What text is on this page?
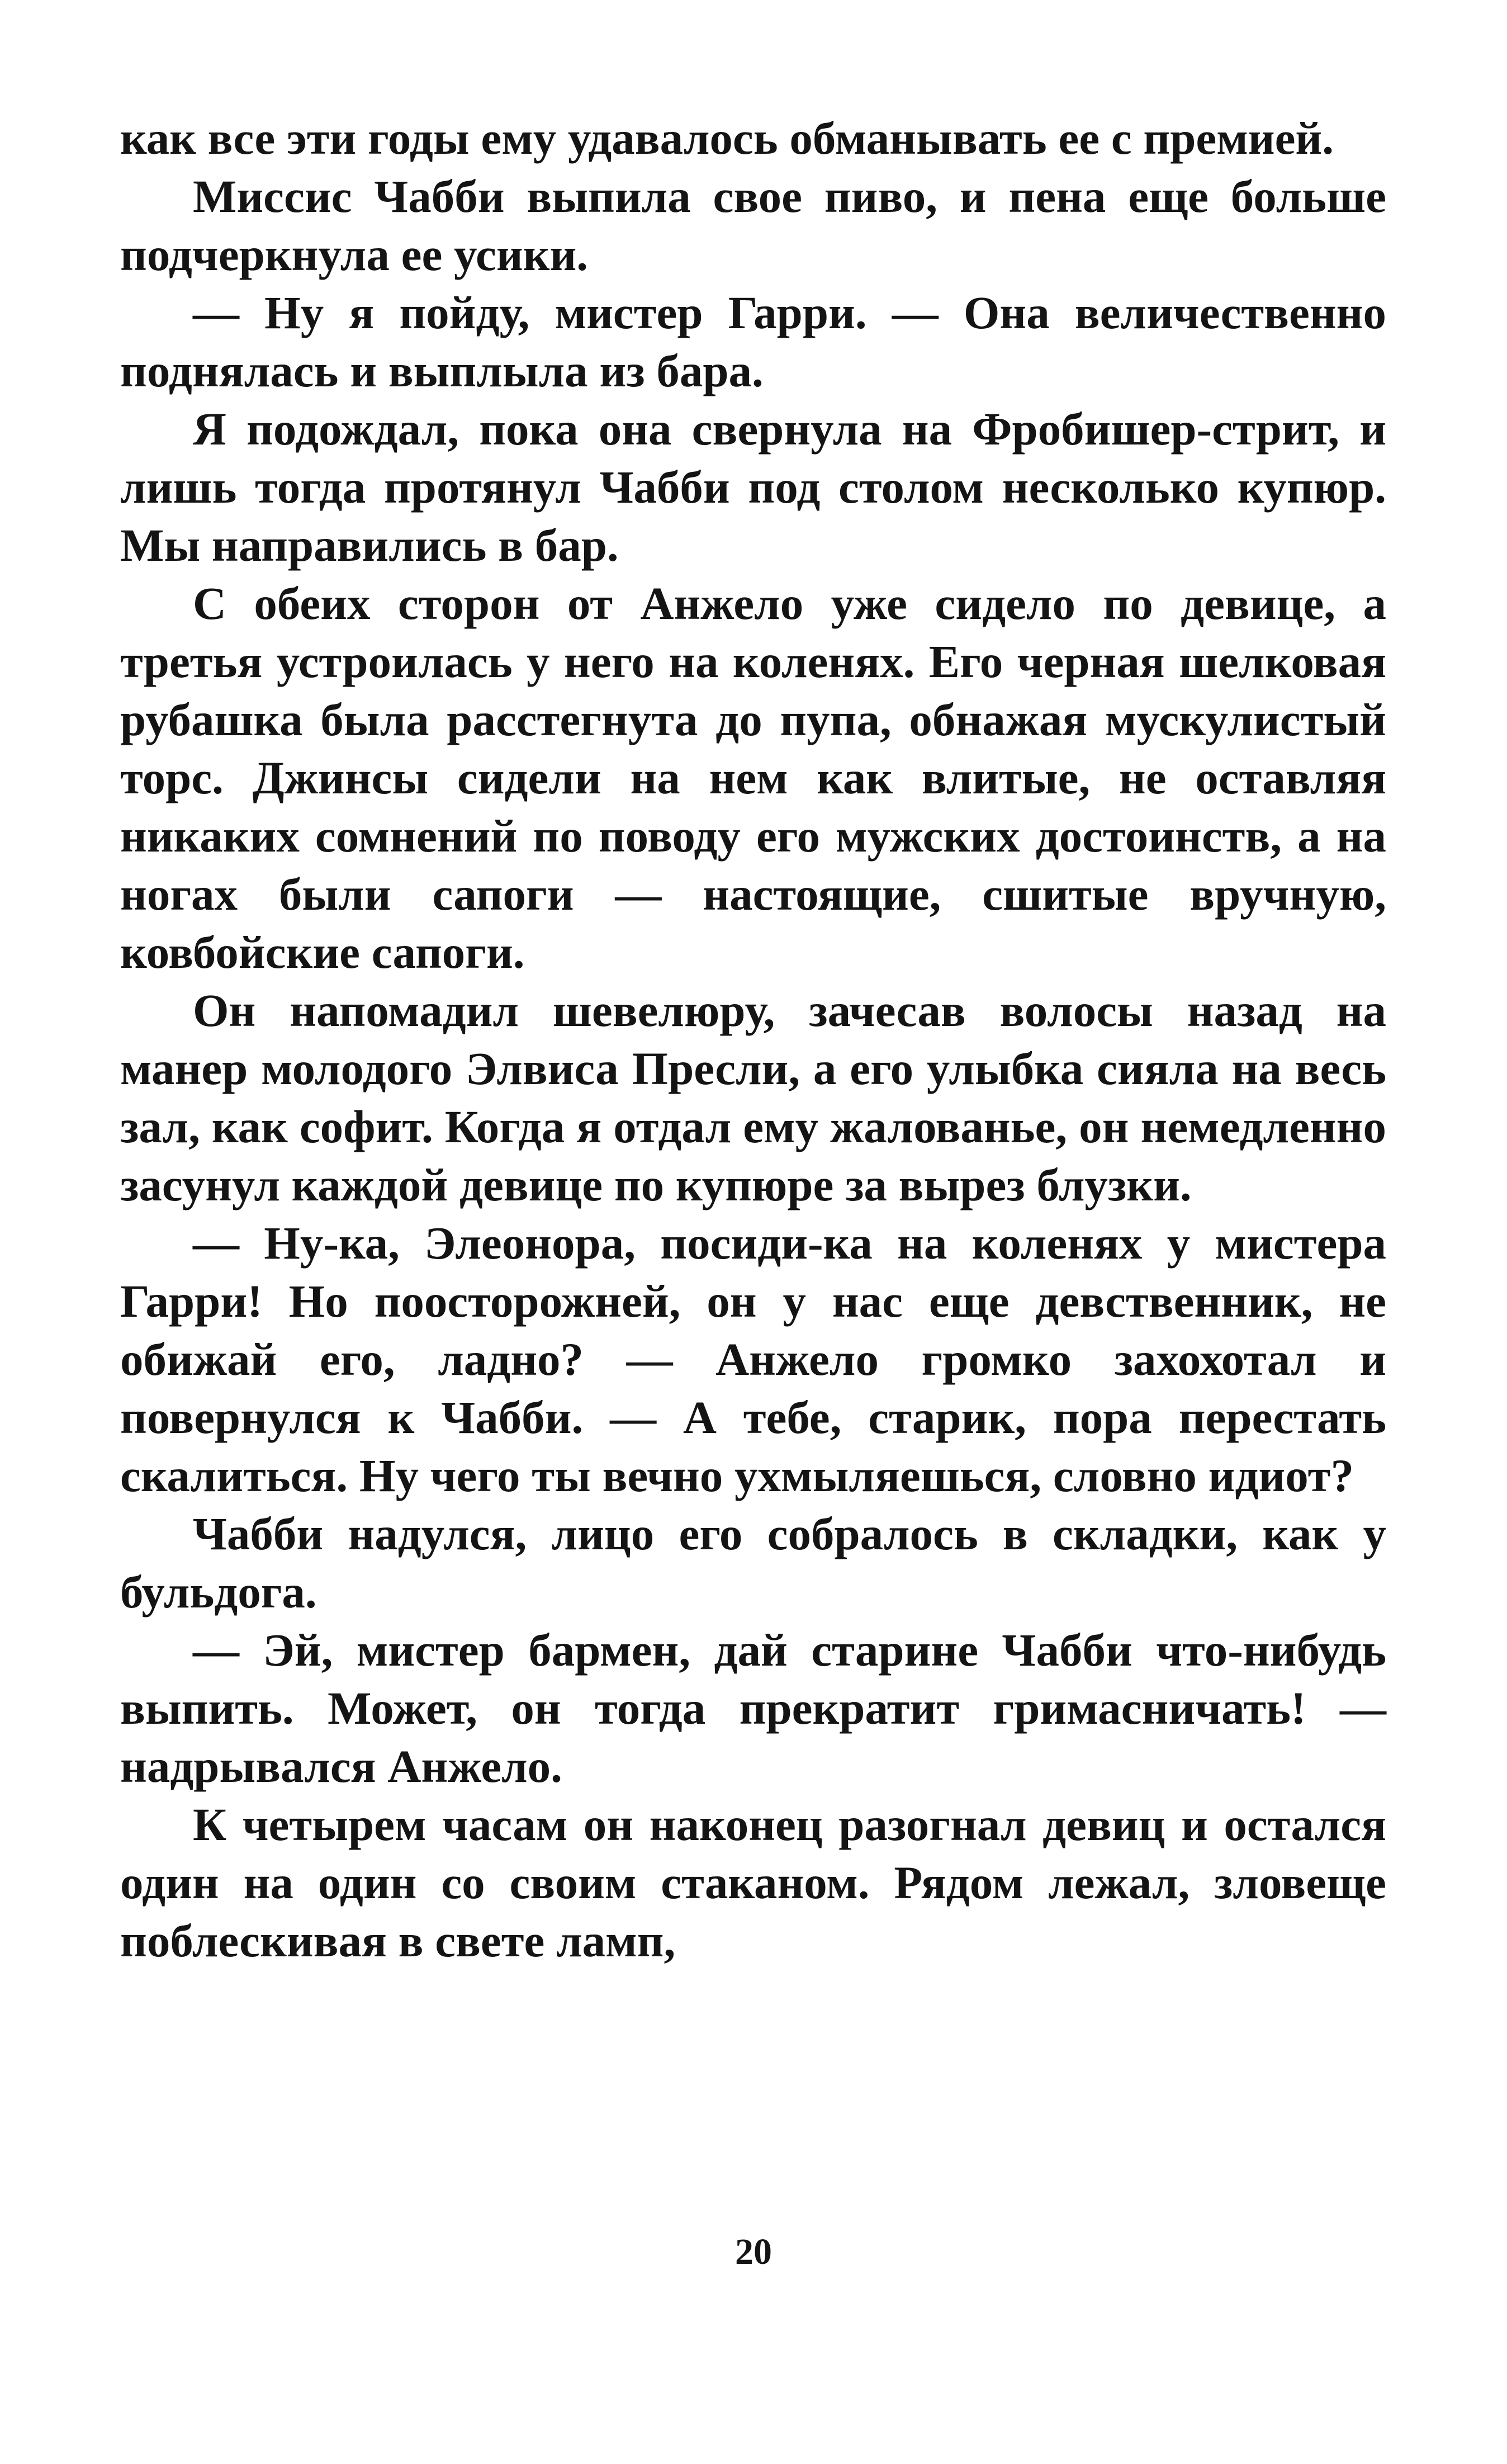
как все эти годы ему удавалось обманывать ее с премией.

Миссис Чабби выпила свое пиво, и пена еще больше подчеркнула ее усики.

— Ну я пойду, мистер Гарри. — Она величественно поднялась и выплыла из бара.

Я подождал, пока она свернула на Фробишер-стрит, и лишь тогда протянул Чабби под столом несколько купюр. Мы направились в бар.

С обеих сторон от Анжело уже сидело по девице, а третья устроилась у него на коленях. Его черная шелковая рубашка была расстегнута до пупа, обнажая мускулистый торс. Джинсы сидели на нем как влитые, не оставляя никаких сомнений по поводу его мужских достоинств, а на ногах были сапоги — настоящие, сшитые вручную, ковбойские сапоги.

Он напомадил шевелюру, зачесав волосы назад на манер молодого Элвиса Пресли, а его улыбка сияла на весь зал, как софит. Когда я отдал ему жалованье, он немедленно засунул каждой девице по купюре за вырез блузки.

— Ну-ка, Элеонора, посиди-ка на коленях у мистера Гарри! Но поосторожней, он у нас еще девственник, не обижай его, ладно? — Анжело громко захохотал и повернулся к Чабби. — А тебе, старик, пора перестать скалиться. Ну чего ты вечно ухмыляешься, словно идиот?

Чабби надулся, лицо его собралось в складки, как у бульдога.

— Эй, мистер бармен, дай старине Чабби что-нибудь выпить. Может, он тогда прекратит гримасничать! — надрывался Анжело.

К четырем часам он наконец разогнал девиц и остался один на один со своим стаканом. Рядом лежал, зловеще поблескивая в свете ламп,

20
